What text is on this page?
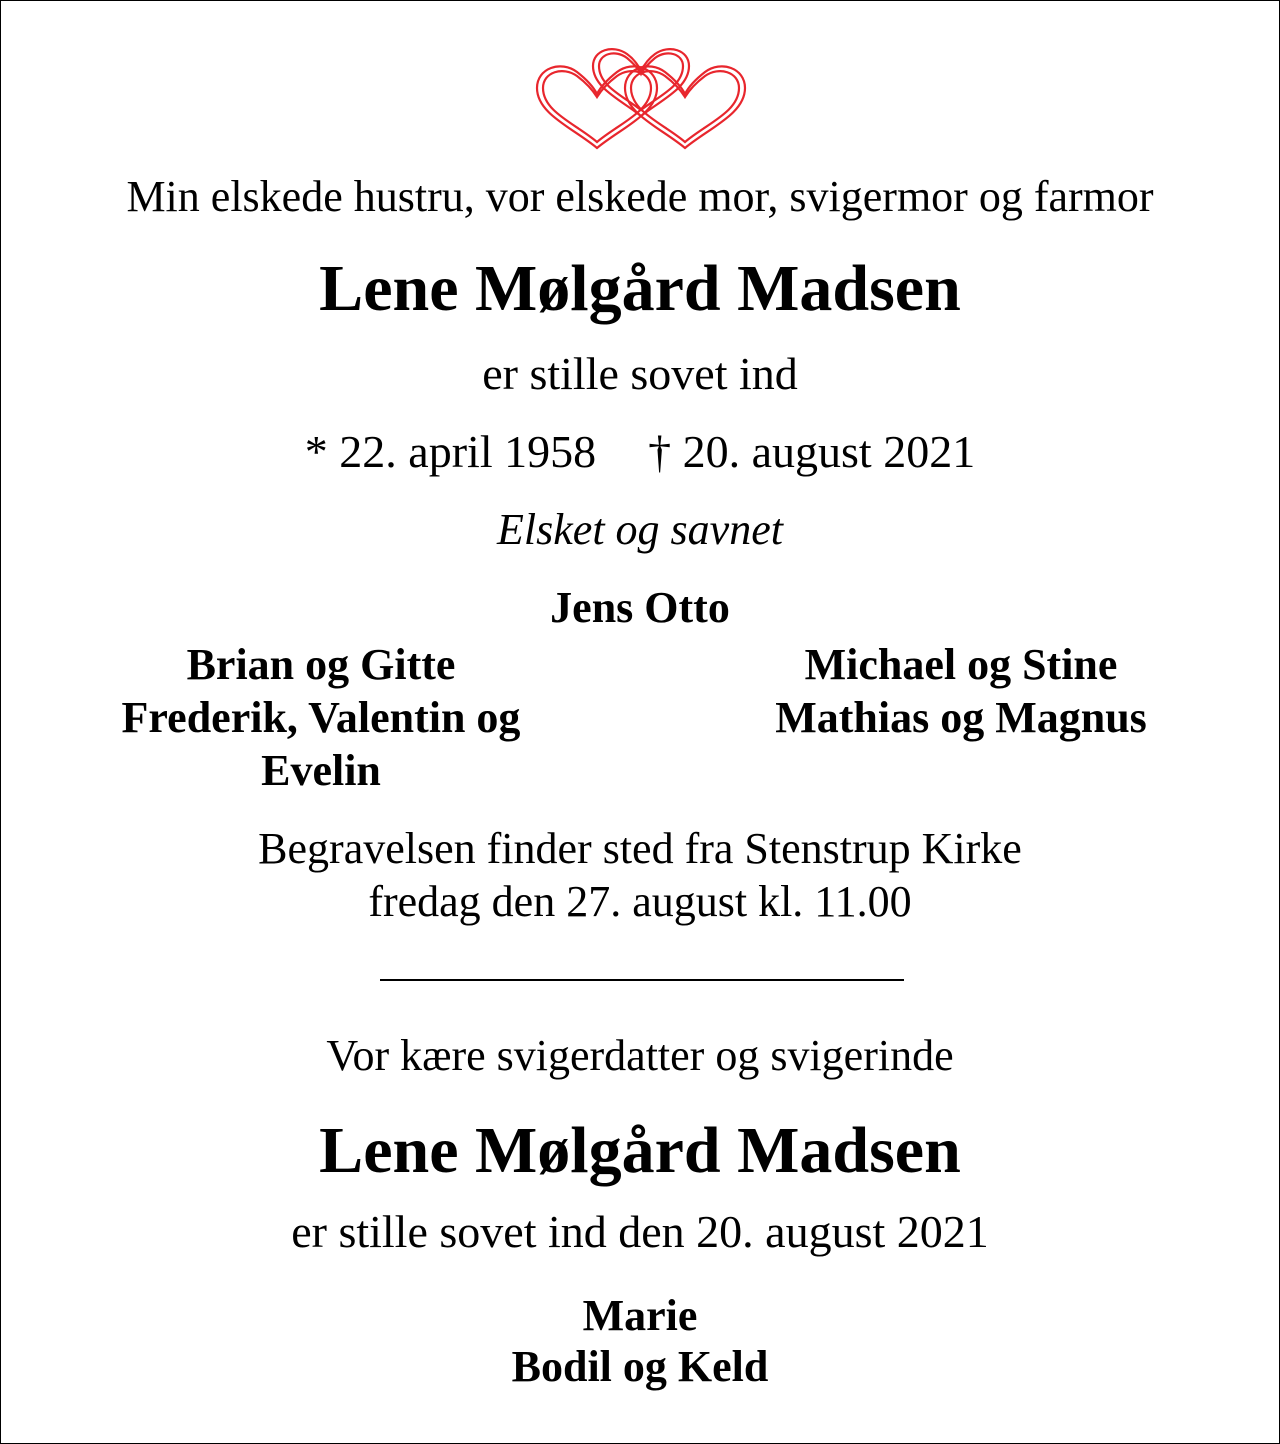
Min elskede hustru, vor elskede mor, svigermor og farmor
Lene Mølgård Madsen
er stille sovet ind
* 22. april 1958 † 20. august 2021
Elsket og savnet
Jens Otto
Brian og Gitte
Frederik, Valentin og
Evelin
Michael og Stine
Mathias og Magnus
Begravelsen finder sted fra Stenstrup Kirke
fredag den 27. august kl. 11.00
Vor kære svigerdatter og svigerinde
Lene Mølgård Madsen
er stille sovet ind den 20. august 2021
Marie
Bodil og Keld
